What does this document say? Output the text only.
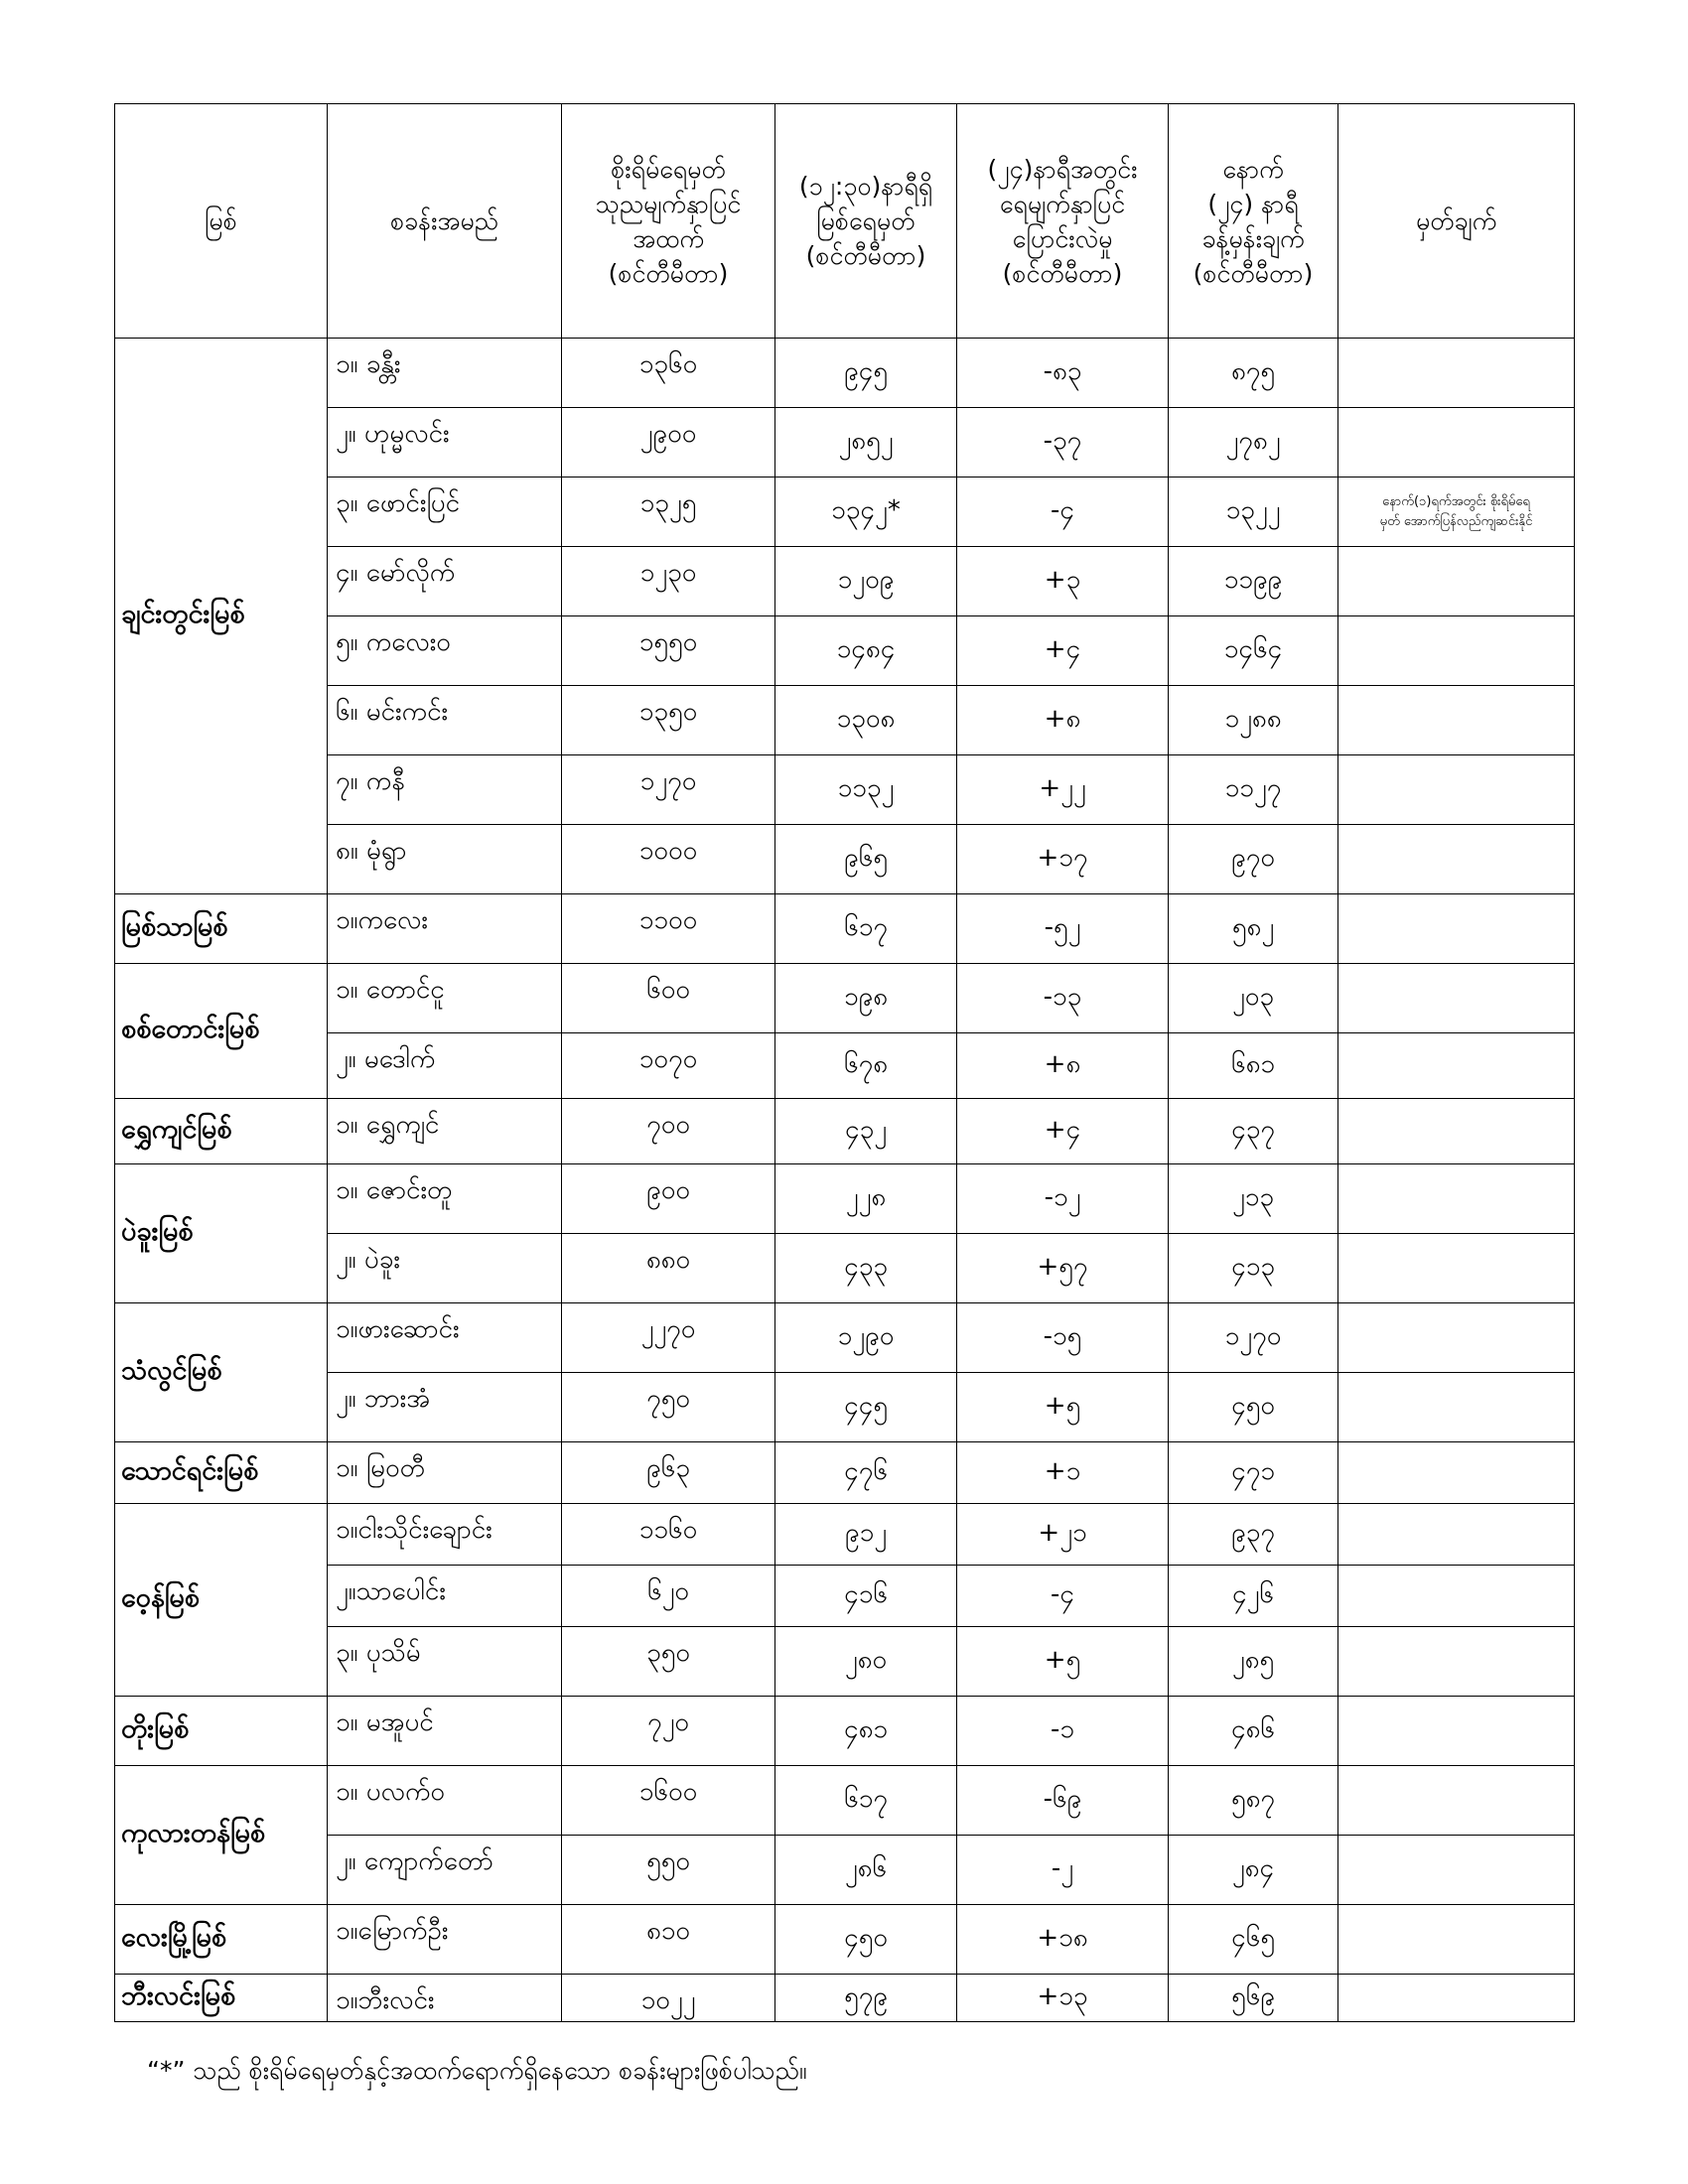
မြစ်	စခန်းအမည်	စိုးရိမ်ရေမှတ်
သုညမျက်နှာပြင်
အထက်
(စင်တီမီတာ)	(၁၂:၃၀)နာရီရှိ
မြစ်ရေမှတ်
(စင်တီမီတာ)	(၂၄)နာရီအတွင်း
ရေမျက်နှာပြင်
ပြောင်းလဲမှု
(စင်တီမီတာ)	နောက်
(၂၄) နာရီ
ခန့်မှန်းချက်
(စင်တီမီတာ)	မှတ်ချက်
ချင်းတွင်းမြစ်	၁။ ခန္တီး	၁၃၆၀	၉၄၅	-၈၃	၈၇၅	
	၂။ ဟုမ္မလင်း	၂၉၀၀	၂၈၅၂	-၃၇	၂၇၈၂	
	၃။ ဖောင်းပြင်	၁၃၂၅	၁၃၄၂*	-၄	၁၃၂၂	နောက်(၁)ရက်အတွင်း စိုးရိမ်ရေ
မှတ် အောက်ပြန်လည်ကျဆင်းနိုင်

	၄။ မော်လိုက်	၁၂၃၀	၁၂၀၉	+၃	၁၁၉၉	
	၅။ ကလေးဝ	၁၅၅၀	၁၄၈၄	+၄	၁၄၆၄	
	၆။ မင်းကင်း	၁၃၅၀	၁၃၀၈	+၈	၁၂၈၈	
	၇။ ကနီ	၁၂၇၀	၁၁၃၂	+၂၂	၁၁၂၇	
	၈။ မုံရွာ	၁၀၀၀	၉၆၅	+၁၇	၉၇၀	
မြစ်သာမြစ်	၁။ကလေး	၁၁၀၀	၆၁၇	-၅၂	၅၈၂	
စစ်တောင်းမြစ်	၁။ တောင်ငူ	၆၀၀	၁၉၈	-၁၃	၂၀၃	
	၂။ မဒေါက်	၁၀၇၀	၆၇၈	+၈	၆၈၁	
ရွှေကျင်မြစ်	၁။ ရွှေကျင်	၇၀၀	၄၃၂	+၄	၄၃၇	
ပဲခူးမြစ်	၁။ ဇောင်းတူ	၉၀၀	၂၂၈	-၁၂	၂၁၃	
	၂။ ပဲခူး	၈၈၀	၄၃၃	+၅၇	၄၁၃	
သံလွင်မြစ်	၁။ဖားဆောင်း	၂၂၇၀	၁၂၉၀	-၁၅	၁၂၇၀	
	၂။ ဘားအံ	၇၅၀	၄၄၅	+၅	၄၅၀	
သောင်ရင်းမြစ်	၁။ မြဝတီ	၉၆၃	၄၇၆	+၁	၄၇၁	
ဝေ့န်မြစ်	၁။ငါးသိုင်းချောင်း	၁၁၆၀	၉၁၂	+၂၁	၉၃၇	
	၂။သာပေါင်း	၆၂၀	၄၁၆	-၄	၄၂၆	
	၃။ ပုသိမ်	၃၅၀	၂၈၀	+၅	၂၈၅	
တိုးမြစ်	၁။ မအူပင်	၇၂၀	၄၈၁	-၁	၄၈၆	
ကုလားတန်မြစ်	၁။ ပလက်ဝ	၁၆၀၀	၆၁၇	-၆၉	၅၈၇	
	၂။ ကျောက်တော်	၅၅၀	၂၈၆	-၂	၂၈၄	
လေးမြို့မြစ်	၁။မြောက်ဦး	၈၁၀	၄၅၀	+၁၈	၄၆၅	
ဘီးလင်းမြစ်	၁။ဘီးလင်း	၁၀၂၂	၅၇၉	+၁၃	၅၆၉	
“*” သည် စိုးရိမ်ရေမှတ်နှင့်အထက်ရောက်ရှိနေသော စခန်းများဖြစ်ပါသည်။
